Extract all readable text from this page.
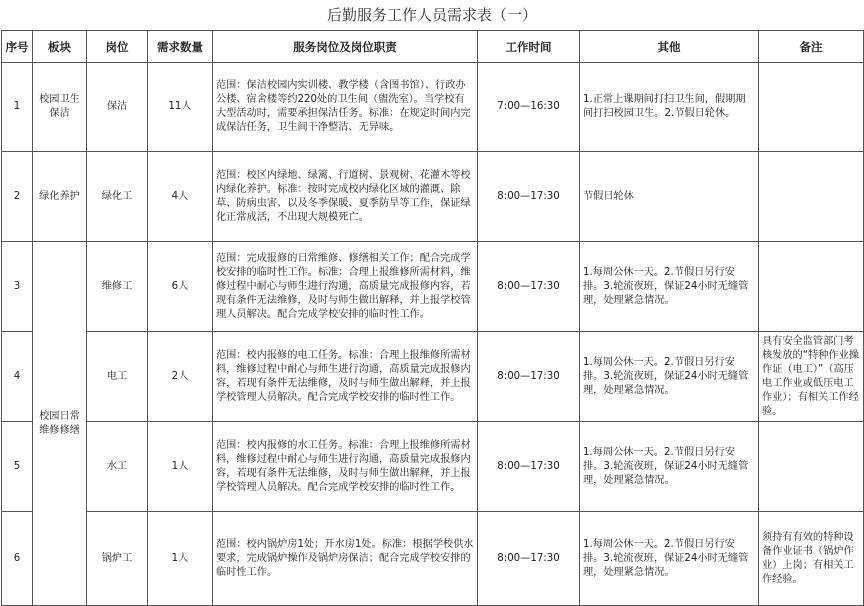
后勤服务工作人员需求表（一）
序号	板块	岗位	需求数量	服务岗位及岗位职责	工作时间	其他	备注
1	校园卫生保洁	保洁	11人	范围：保洁校园内实训楼、教学楼（含图书馆）、行政办公楼、宿舍楼等约220处的卫生间（盥洗室）。当学校有大型活动时，需要承担保洁任务。标准：在规定时间内完成保洁任务，卫生间干净整洁、无异味。	7:00—16:30	1.正常上课期间打扫卫生间，假期期间打扫校园卫生。2.节假日轮休。	
2	绿化养护	绿化工	4人	范围：校区内绿地、绿篱、行道树、景观树、花灌木等校内绿化养护。标准：按时完成校内绿化区域的灌溉、除草、防病虫害、以及冬季保暖、夏季防旱等工作，保证绿化正常成活，不出现大规模死亡。	8:00—17:30	节假日轮休	
3	校园日常维修修缮	维修工	6人	范围：完成报修的日常维修、修缮相关工作；配合完成学校安排的临时性工作。标准：合理上报维修所需材料，维修过程中耐心与师生进行沟通，高质量完成报修内容，若现有条件无法维修，及时与师生做出解释，并上报学校管理人员解决。配合完成学校安排的临时性工作。	8:00—17:30	1.每周公休一天。2.节假日另行安排。3.轮流夜班，保证24小时无缝管理，处理紧急情况。	
4		电工	2人	范围：校内报修的电工任务。标准：合理上报维修所需材料，维修过程中耐心与师生进行沟通，高质量完成报修内容，若现有条件无法维修，及时与师生做出解释，并上报学校管理人员解决。配合完成学校安排的临时性工作。	8:00—17:30	1.每周公休一天。2.节假日另行安排。3.轮流夜班，保证24小时无缝管理，处理紧急情况。	具有安全监管部门考核发放的“特种作业操作证（电工）”（高压电工作业或低压电工作业）；有相关工作经验。
5		水工	1人	范围：校内报修的水工任务。标准：合理上报维修所需材料，维修过程中耐心与师生进行沟通，高质量完成报修内容，若现有条件无法维修，及时与师生做出解释，并上报学校管理人员解决。配合完成学校安排的临时性工作。	8:00—17:30	1.每周公休一天。2.节假日另行安排。3.轮流夜班，保证24小时无缝管理，处理紧急情况。	
6		锅炉工	1人	范围：校内锅炉房1处；开水房1处。标准：根据学校供水要求，完成锅炉操作及锅炉房保洁；配合完成学校安排的临时性工作。	8:00—17:30	1.每周公休一天。2.节假日另行安排。3.轮流夜班，保证24小时无缝管理，处理紧急情况。	须持有有效的特种设备作业证书（锅炉作业）上岗；有相关工作经验。
